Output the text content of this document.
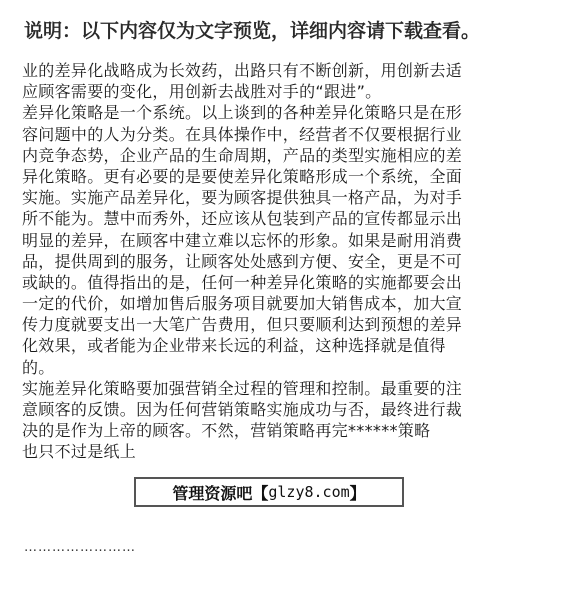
说明：以下内容仅为文字预览，详细内容请下载查看。
业的差异化战略成为长效药，出路只有不断创新，用创新去适
应顾客需要的变化，用创新去战胜对手的“跟进”。
差异化策略是一个系统。以上谈到的各种差异化策略只是在形
容问题中的人为分类。在具体操作中，经营者不仅要根据行业
内竞争态势，企业产品的生命周期，产品的类型实施相应的差
异化策略。更有必要的是要使差异化策略形成一个系统，全面
实施。实施产品差异化，要为顾客提供独具一格产品，为对手
所不能为。慧中而秀外，还应该从包装到产品的宣传都显示出
明显的差异，在顾客中建立难以忘怀的形象。如果是耐用消费
品，提供周到的服务，让顾客处处感到方便、安全，更是不可
或缺的。值得指出的是，任何一种差异化策略的实施都要会出
一定的代价，如增加售后服务项目就要加大销售成本，加大宣
传力度就要支出一大笔广告费用，但只要顺利达到预想的差异
化效果，或者能为企业带来长远的利益，这种选择就是值得
的。
实施差异化策略要加强营销全过程的管理和控制。最重要的注
意顾客的反馈。因为任何营销策略实施成功与否，最终进行裁
决的是作为上帝的顾客。不然，营销策略再完******策略
也只不过是纸上
……………………
管理资源吧【 glzy8.com 】
